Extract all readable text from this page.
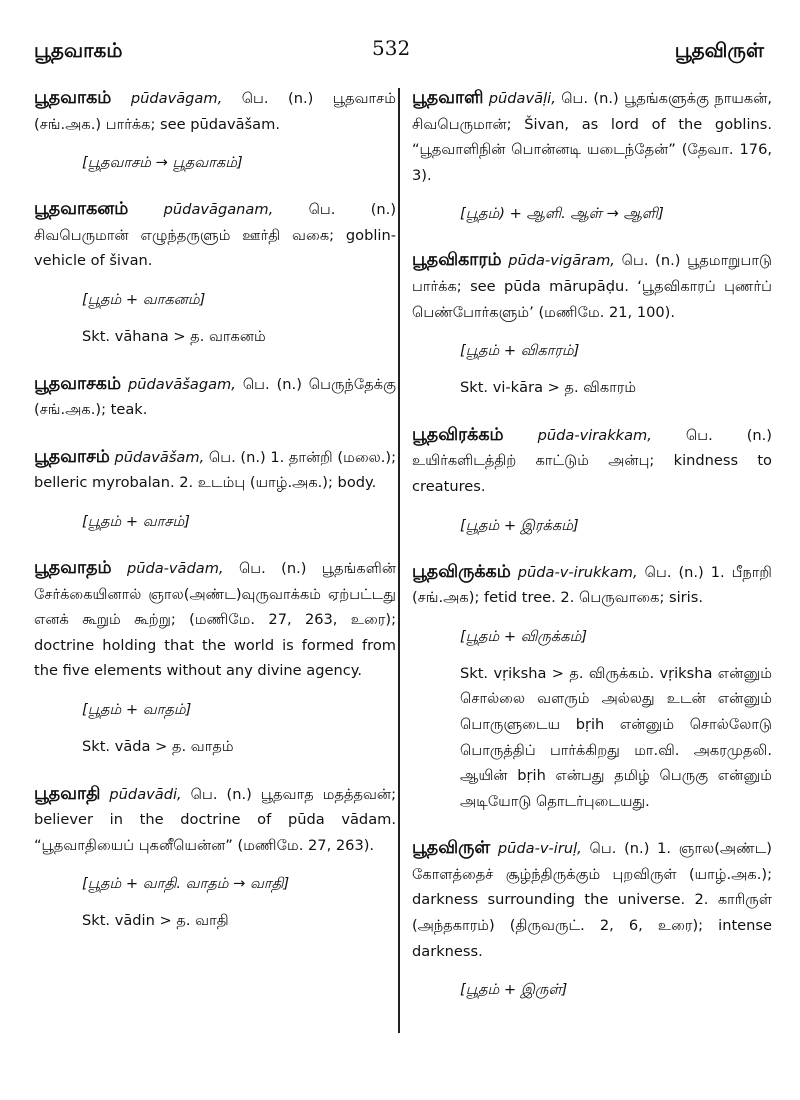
பூதவாகம்	532	பூதவிருள்

பூதவாகம் pūdavāgam, பெ. (n.) பூதவாசம் (சங்.அக.) பார்க்க; see pūdavāšam.

[பூதவாசம் → பூதவாகம்]

பூதவாகனம் pūdavāganam, பெ. (n.) சிவபெருமான் எழுந்தருளும் ஊர்தி வகை; goblin-vehicle of šivan.

[பூதம் + வாகனம்]
Skt. vāhana > த. வாகனம்

பூதவாசகம் pūdavāšagam, பெ. (n.) பெருந்தேக்கு (சங்.அக.); teak.

பூதவாசம் pūdavāšam, பெ. (n.) 1. தான்றி (மலை.); belleric myrobalan. 2. உடம்பு (யாழ்.அக.); body.

[பூதம் + வாசம்]

பூதவாதம் pūda-vādam, பெ. (n.) பூதங்களின் சேர்க்கையினால் ஞால(அண்ட)வுருவாக்கம் ஏற்பட்டது எனக் கூறும் கூற்று; (மணிமே. 27, 263, உரை); doctrine holding that the world is formed from the five elements without any divine agency.

[பூதம் + வாதம்]
Skt. vāda > த. வாதம்

பூதவாதி pūdavādi, பெ. (n.) பூதவாத மதத்தவன்; believer in the doctrine of pūda vādam. “பூதவாதியைப் புகனீயென்ன” (மணிமே. 27, 263).

[பூதம் + வாதி. வாதம் → வாதி]
Skt. vādin > த. வாதி

பூதவாளி pūdavāḷi, பெ. (n.) பூதங்களுக்கு நாயகன், சிவபெருமான்; Šivan, as lord of the goblins. “பூதவாளிநின் பொன்னடி யடைந்தேன்” (தேவா. 176, 3).

[பூதம்) + ஆளி. ஆள் → ஆளி]

பூதவிகாரம் pūda-vigāram, பெ. (n.) பூதமாறுபாடு பார்க்க; see pūda mārupāḍu. ‘பூதவிகாரப் புணர்ப் பெண்போர்களும்’ (மணிமே. 21, 100).

[பூதம் + விகாரம்]
Skt. vi-kāra > த. விகாரம்

பூதவிரக்கம் pūda-virakkam, பெ. (n.) உயிர்களிடத்திற் காட்டும் அன்பு; kindness to creatures.

[பூதம் + இரக்கம்]

பூதவிருக்கம் pūda-v-irukkam, பெ. (n.) 1. பீநாறி (சங்.அக); fetid tree. 2. பெருவாகை; siris.

[பூதம் + விருக்கம்]
Skt. vṛiksha > த. விருக்கம். vṛiksha என்னும் சொல்லை வளரும் அல்லது உடன் என்னும் பொருளுடைய bṛih என்னும் சொல்லோடு பொருத்திப் பார்க்கிறது மா.வி. அகரமுதலி. ஆயின் bṛih என்பது தமிழ் பெருகு என்னும் அடியோடு தொடர்புடையது.

பூதவிருள் pūda-v-iruḷ, பெ. (n.) 1. ஞால(அண்ட) கோளத்தைச் சூழ்ந்திருக்கும் புறவிருள் (யாழ்.அக.); darkness surrounding the universe. 2. காரிருள் (அந்தகாரம்) (திருவருட். 2, 6, உரை); intense darkness.

[பூதம் + இருள்]
